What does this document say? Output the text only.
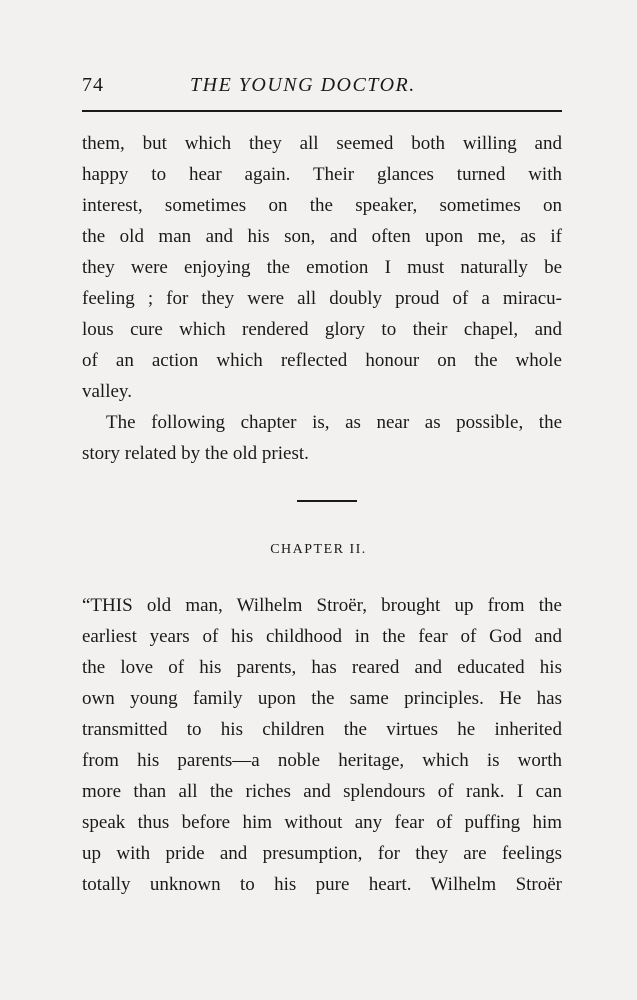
74	THE YOUNG DOCTOR.

them, but which they all seemed both willing and

happy to hear again. Their glances turned with

interest, sometimes on the speaker, sometimes on

the old man and his son, and often upon me, as if

they were enjoying the emotion I must naturally be

feeling ; for they were all doubly proud of a miracu-

lous cure which rendered glory to their chapel, and

of an action which reflected honour on the whole

valley.

The following chapter is, as near as possible, the

story related by the old priest.

CHAPTER II.

“THIS old man, Wilhelm Stroër, brought up from the

earliest years of his childhood in the fear of God and

the love of his parents, has reared and educated his

own young family upon the same principles. He has

transmitted to his children the virtues he inherited

from his parents—a noble heritage, which is worth

more than all the riches and splendours of rank. I can

speak thus before him without any fear of puffing him

up with pride and presumption, for they are feelings

totally unknown to his pure heart. Wilhelm Stroër
